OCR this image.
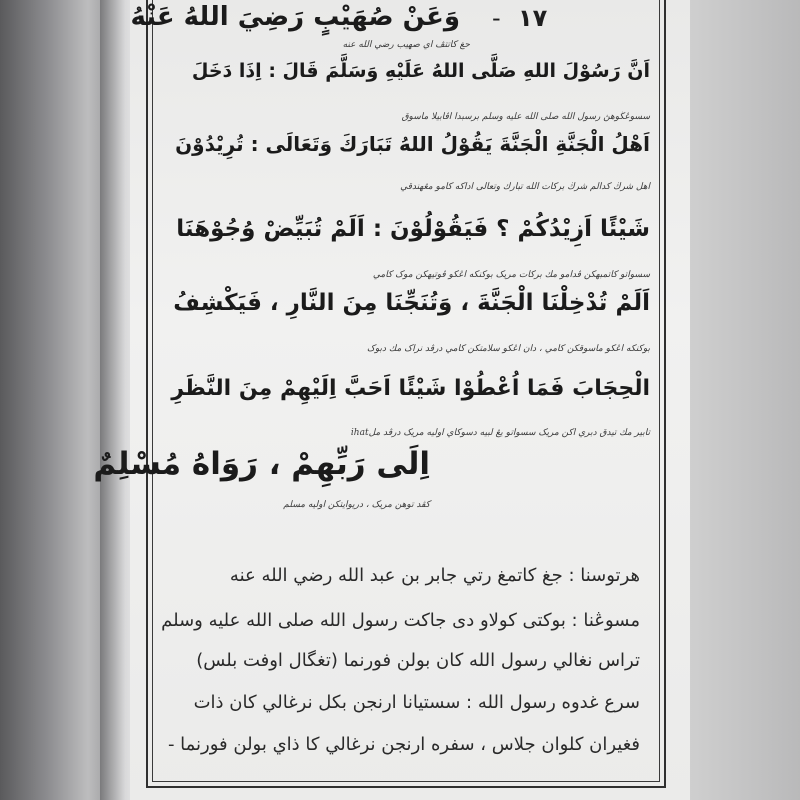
١٧
-
وَعَنْ صُهَيْبٍ رَضِيَ اللهُ عَنْهُ
حغ كاتتڤ اي صهيب رضي الله عنه
اَنَّ رَسُوْلَ اللهِ صَلَّى اللهُ عَلَيْهِ وَسَلَّمَ قَالَ : اِذَا دَخَلَ
سسوڠڬوهڽ رسول الله صلى الله عليه وسلم برسبدا اڤابيلا ماسوق
اَهْلُ الْجَنَّةِ الْجَنَّةَ يَقُوْلُ اللهُ تَبَارَكَ وَتَعَالَى : تُرِيْدُوْنَ
اهل شرڬ كدالم شرڬ بركات الله تبارك وتعالى اداكه كامو مڠهندقي
شَيْئًا اَزِيْدُكُمْ ؟ فَيَقُوْلُوْنَ : اَلَمْ تُبَيِّضْ وُجُوْهَنَا
سسواتو كاتمبهكن ڤدامو مك برکات مريک بوكنكه اڠكو ڤوتيهكن موک کامي
اَلَمْ تُدْخِلْنَا الْجَنَّةَ ، وَتُنَجِّنَا مِنَ النَّارِ ، فَيَكْشِفُ
بوكنكه اڠكو ماسوقكن كامي ، دان اڠكو سلامتكن كامي درڤد نراک مك دبوک
الْحِجَابَ فَمَا اُعْطُوْا شَيْئًا اَحَبَّ اِلَيْهِمْ مِنَ النَّظَرِ
تابير مك تيدق دبري اكن مريک سسواتو يڠ لبيه دسوكاي اوليه مريک درڤد ملihat
اِلَى رَبِّهِمْ ، رَوَاهُ مُسْلِمٌ
كڤد توهن مريک ، دريوايتكن اوليه مسلم
هرتوسنا : جغ كاتمغ رتي جابر بن عبد الله رضي الله عنه
مسوڠنا : بوکتی کولاو دی جاکت رسول الله صلی الله علیه وسلم
تراس نغالي رسول الله كان بولن فورنما (تغگال اوفت بلس)
سرع غدوه رسول الله : سستيانا ارنجن بكل نرغالي كان ذات
فغيران كلوان جلاس ، سفره ارنجن نرغالي كا ذاي بولن فورنما -
